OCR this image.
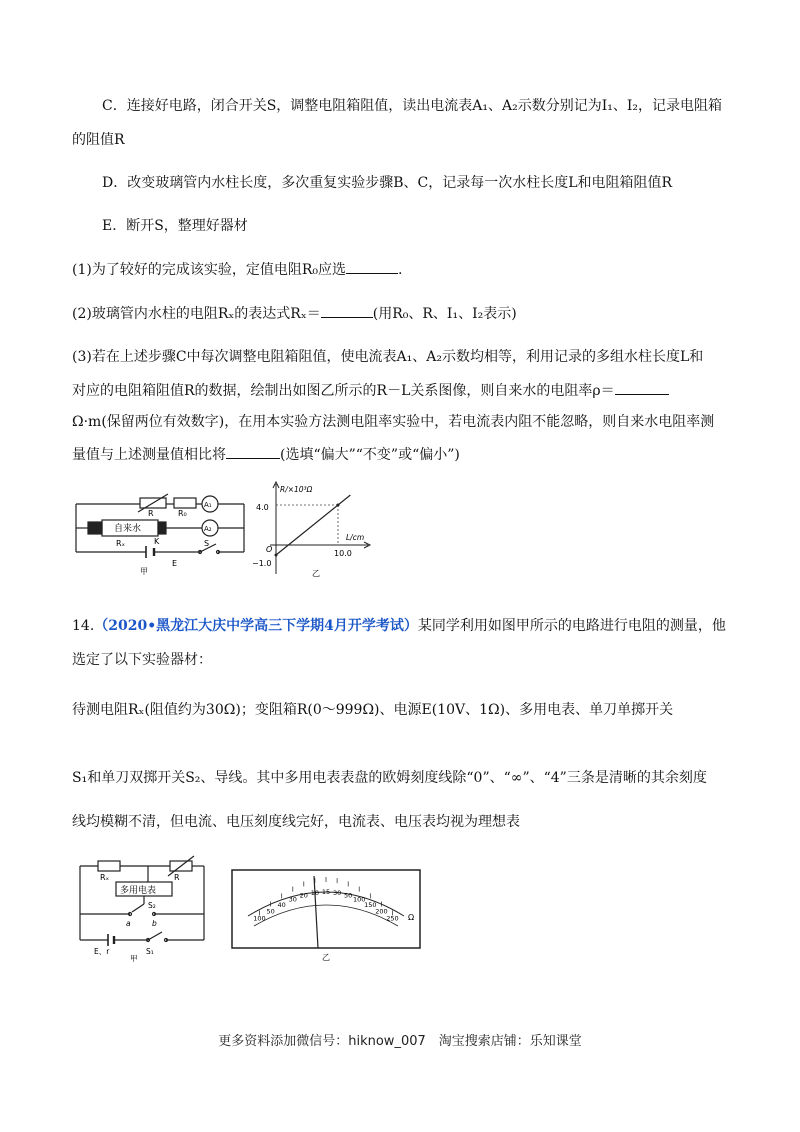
C．连接好电路，闭合开关S，调整电阻箱阻值，读出电流表A₁、A₂示数分别记为I₁、I₂，记录电阻箱
的阻值R
D．改变玻璃管内水柱长度，多次重复实验步骤B、C，记录每一次水柱长度L和电阻箱阻值R
E．断开S，整理好器材
(1)为了较好的完成该实验，定值电阻R₀应选	.
(2)玻璃管内水柱的电阻Rₓ的表达式Rₓ＝	(用R₀、R、I₁、I₂表示)
(3)若在上述步骤C中每次调整电阻箱阻值，使电流表A₁、A₂示数均相等，利用记录的多组水柱长度L和
对应的电阻箱阻值R的数据，绘制出如图乙所示的R－L关系图像，则自来水的电阻率ρ＝
Ω·m(保留两位有效数字)，在用本实验方法测电阻率实验中，若电流表内阻不能忽略，则自来水电阻率测
量值与上述测量值相比将	(选填“偏大”“不变”或“偏小”)
R	R₀
A₁
A₂
自来水
Rₓ	K	S
E
甲
R/×10³Ω
L/cm
O
4.0
−1.0
10.0
乙
14.（2020•黑龙江大庆中学高三下学期4月开学考试）某同学利用如图甲所示的电路进行电阻的测量，他
选定了以下实验器材：
待测电阻Rₓ(阻值约为30Ω)；变阻箱R(0～999Ω)、电源E(10V、1Ω)、多用电表、单刀单掷开关
S₁和单刀双掷开关S₂、导线。其中多用电表表盘的欧姆刻度线除“0”、“∞”、“4”三条是清晰的其余刻度
线均模糊不清，但电流、电压刻度线完好，电流表、电压表均视为理想表
Rₓ	R
多用电表
S₂
a	b
E、r	S₁
甲
100
50
40
30
20 10 15 30 50
100
150
200
250 Ω
乙
更多资料添加微信号：hiknow_007　淘宝搜索店铺：乐知课堂
